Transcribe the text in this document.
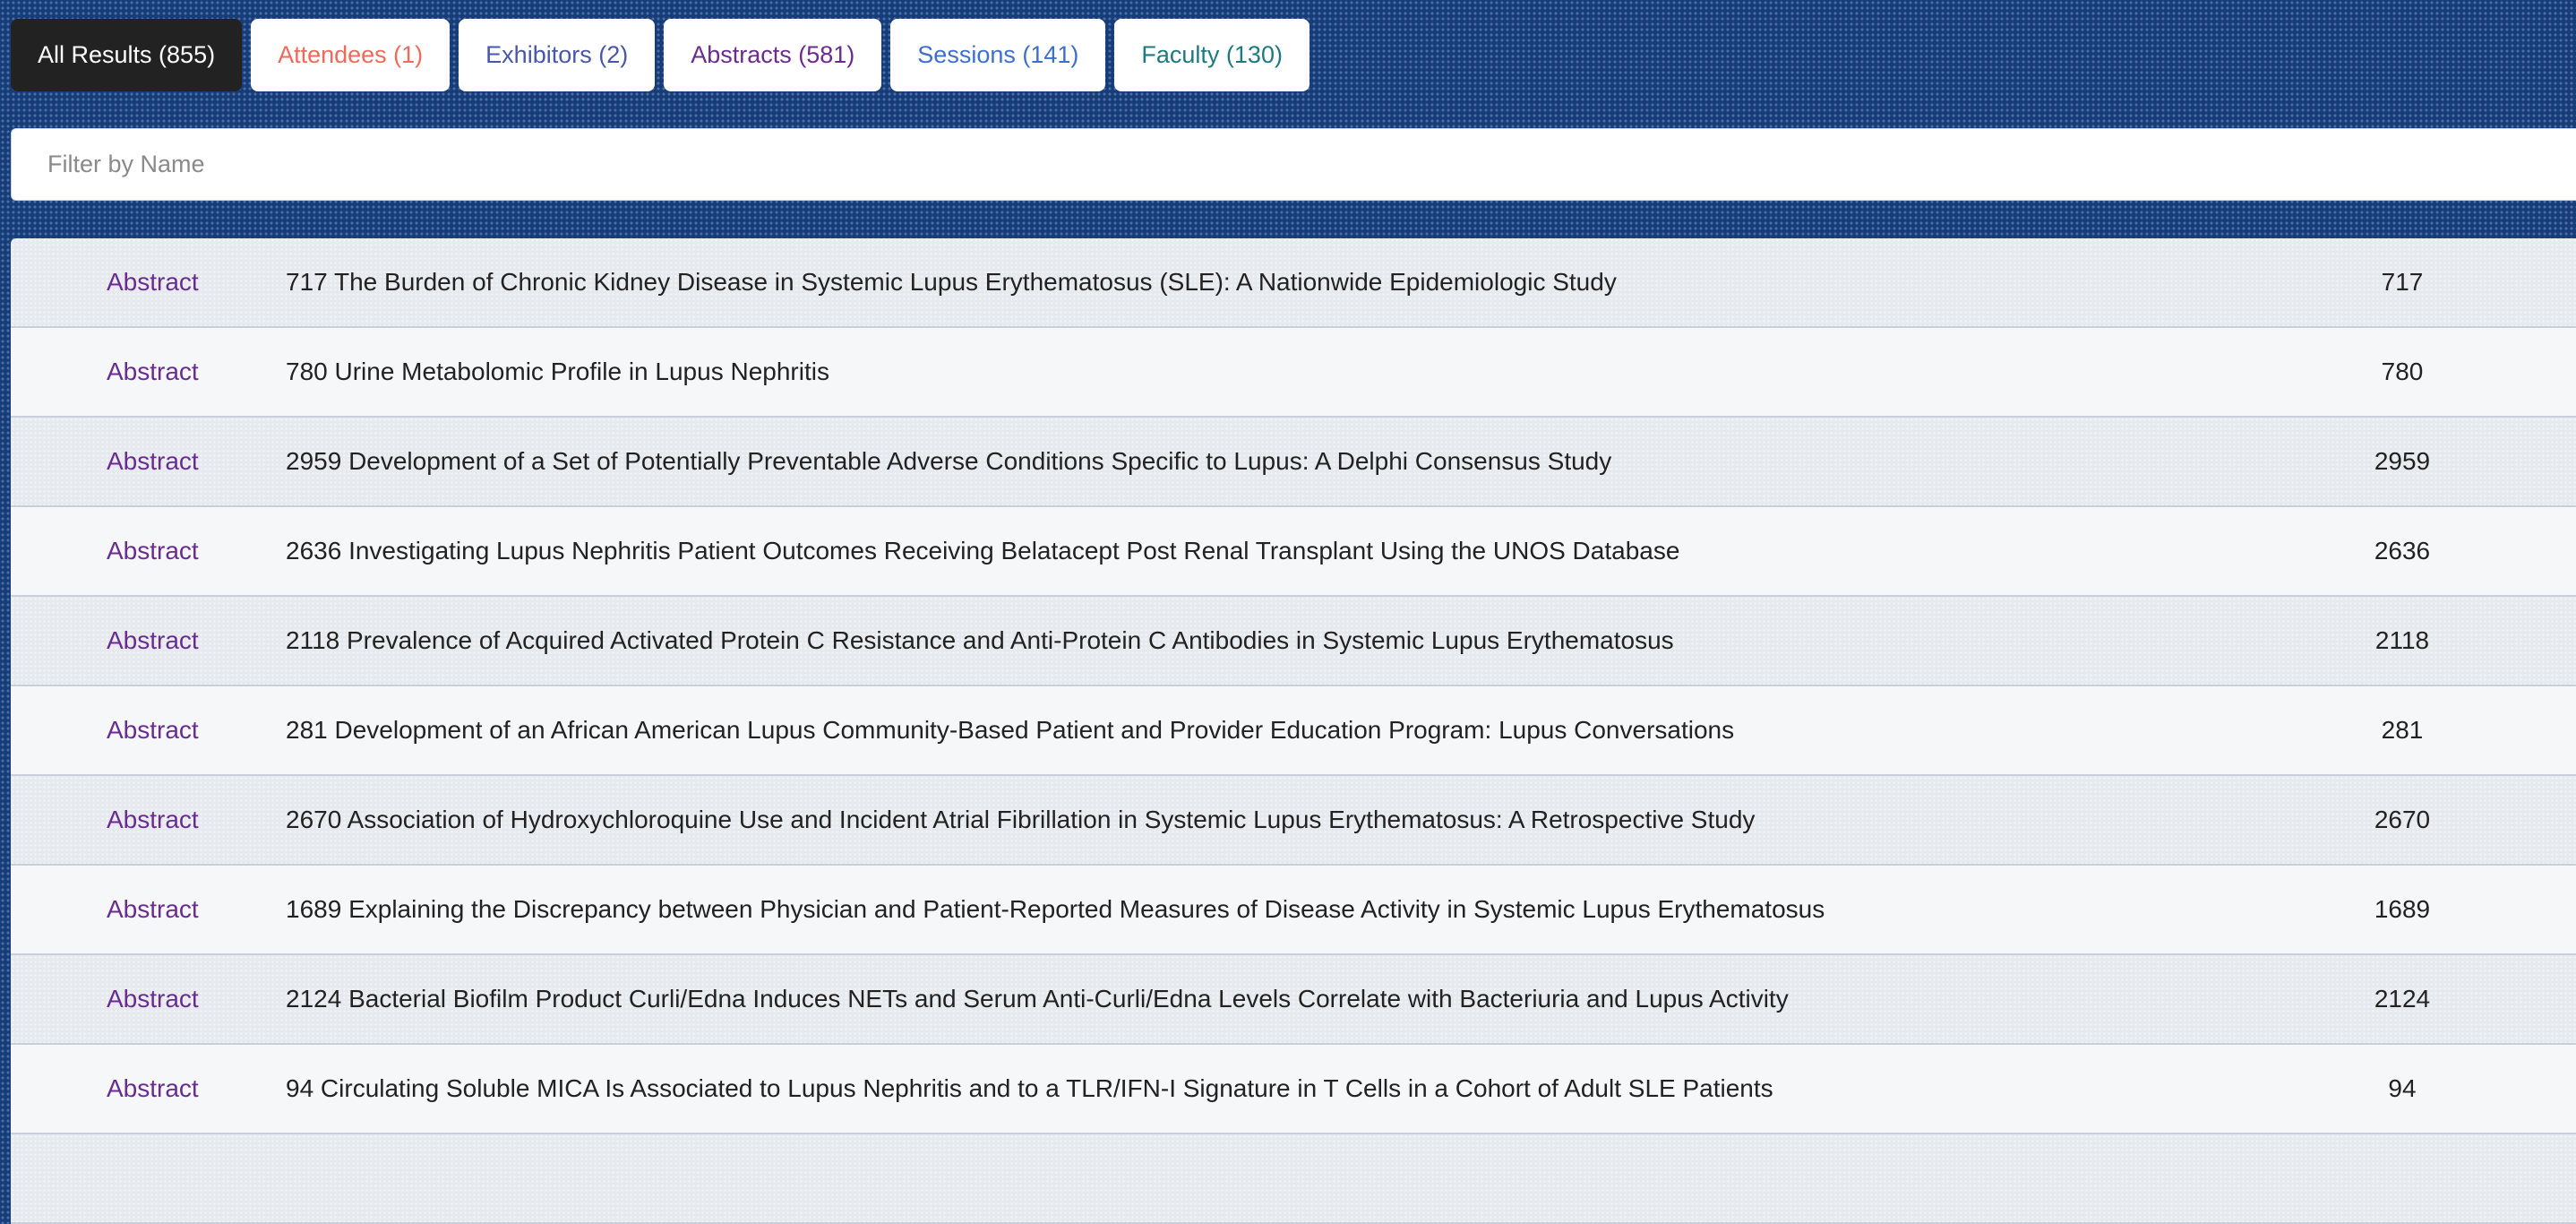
All Results (855)	Attendees (1)	Exhibitors (2)	Abstracts (581)	Sessions (141)	Faculty (130)
Filter by Name
Abstract	717 The Burden of Chronic Kidney Disease in Systemic Lupus Erythematosus (SLE): A Nationwide Epidemiologic Study	717
Abstract	780 Urine Metabolomic Profile in Lupus Nephritis	780
Abstract	2959 Development of a Set of Potentially Preventable Adverse Conditions Specific to Lupus: A Delphi Consensus Study	2959
Abstract	2636 Investigating Lupus Nephritis Patient Outcomes Receiving Belatacept Post Renal Transplant Using the UNOS Database	2636
Abstract	2118 Prevalence of Acquired Activated Protein C Resistance and Anti-Protein C Antibodies in Systemic Lupus Erythematosus	2118
Abstract	281 Development of an African American Lupus Community-Based Patient and Provider Education Program: Lupus Conversations	281
Abstract	2670 Association of Hydroxychloroquine Use and Incident Atrial Fibrillation in Systemic Lupus Erythematosus: A Retrospective Study	2670
Abstract	1689 Explaining the Discrepancy between Physician and Patient-Reported Measures of Disease Activity in Systemic Lupus Erythematosus	1689
Abstract	2124 Bacterial Biofilm Product Curli/Edna Induces NETs and Serum Anti-Curli/Edna Levels Correlate with Bacteriuria and Lupus Activity	2124
Abstract	94 Circulating Soluble MICA Is Associated to Lupus Nephritis and to a TLR/IFN-I Signature in T Cells in a Cohort of Adult SLE Patients	94
